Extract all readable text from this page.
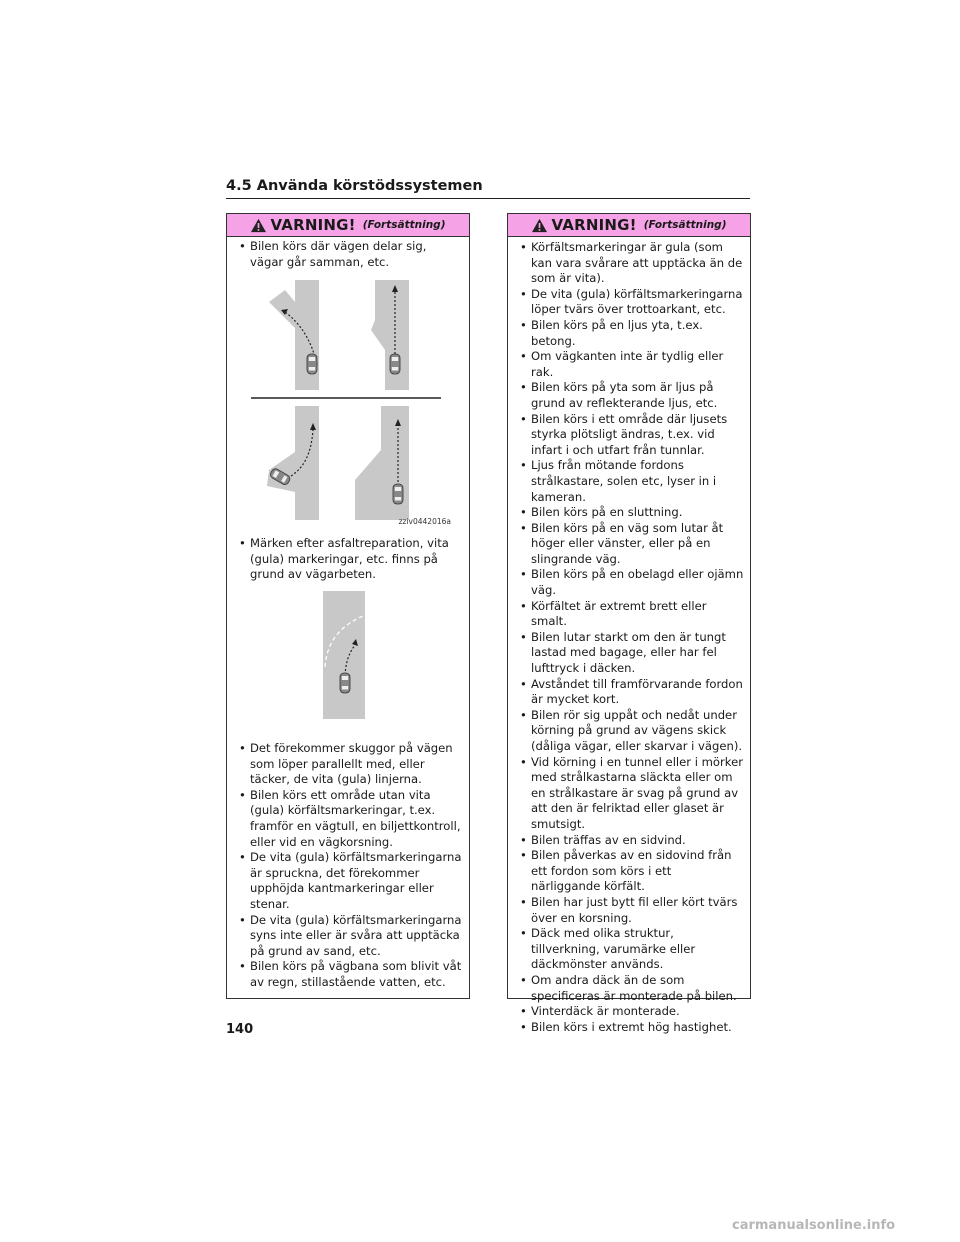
4.5 Använda körstödssystemen
VARNING! (Fortsättning)
• Bilen körs där vägen delar sig, vägar går samman, etc.
zziv0442016a
• Märken efter asfaltreparation, vita (gula) markeringar, etc. finns på grund av vägarbeten.
• Det förekommer skuggor på vägen som löper parallellt med, eller täcker, de vita (gula) linjerna.
• Bilen körs ett område utan vita (gula) körfältsmarkeringar, t.ex. framför en vägtull, en biljettkontroll, eller vid en vägkorsning.
• De vita (gula) körfältsmarkeringarna är spruckna, det förekommer upphöjda kantmarkeringar eller stenar.
• De vita (gula) körfältsmarkeringarna syns inte eller är svåra att upptäcka på grund av sand, etc.
• Bilen körs på vägbana som blivit våt av regn, stillastående vatten, etc.
VARNING! (Fortsättning)
• Körfältsmarkeringar är gula (som kan vara svårare att upptäcka än de som är vita).
• De vita (gula) körfältsmarkeringarna löper tvärs över trottoarkant, etc.
• Bilen körs på en ljus yta, t.ex. betong.
• Om vägkanten inte är tydlig eller rak.
• Bilen körs på yta som är ljus på grund av reflekterande ljus, etc.
• Bilen körs i ett område där ljusets styrka plötsligt ändras, t.ex. vid infart i och utfart från tunnlar.
• Ljus från mötande fordons strålkastare, solen etc, lyser in i kameran.
• Bilen körs på en sluttning.
• Bilen körs på en väg som lutar åt höger eller vänster, eller på en slingrande väg.
• Bilen körs på en obelagd eller ojämn väg.
• Körfältet är extremt brett eller smalt.
• Bilen lutar starkt om den är tungt lastad med bagage, eller har fel lufttryck i däcken.
• Avståndet till framförvarande fordon är mycket kort.
• Bilen rör sig uppåt och nedåt under körning på grund av vägens skick (dåliga vägar, eller skarvar i vägen).
• Vid körning i en tunnel eller i mörker med strålkastarna släckta eller om en strålkastare är svag på grund av att den är felriktad eller glaset är smutsigt.
• Bilen träffas av en sidvind.
• Bilen påverkas av en sidovind från ett fordon som körs i ett närliggande körfält.
• Bilen har just bytt fil eller kört tvärs över en korsning.
• Däck med olika struktur, tillverkning, varumärke eller däckmönster används.
• Om andra däck än de som specificeras är monterade på bilen.
• Vinterdäck är monterade.
• Bilen körs i extremt hög hastighet.
140
carmanualsonline.info
